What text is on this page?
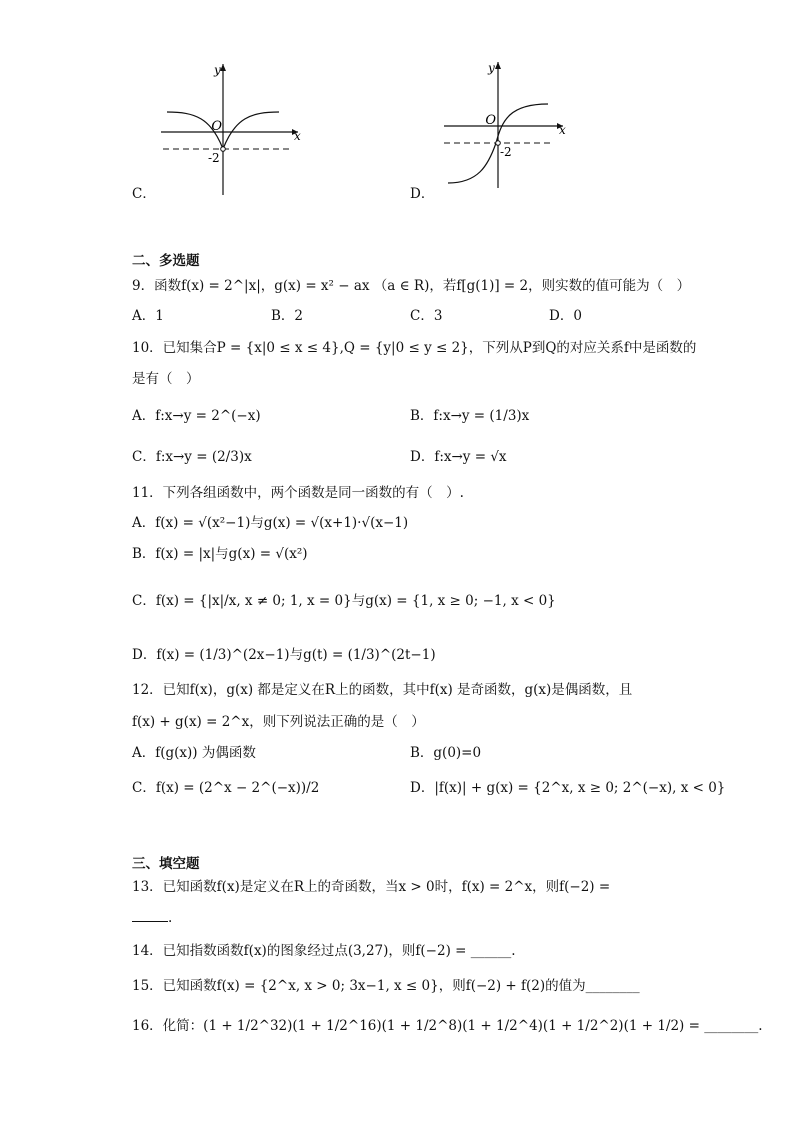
y
x
O
-2
C．
y
x
O
-2
D．
二、多选题
9．函数f(x) = 2^|x|，g(x) = x² − ax （a ∈ R)，若f[g(1)] = 2，则实数的值可能为（　）
A．1	B．2	C．3	D．0
10．已知集合P = {x|0 ≤ x ≤ 4},Q = {y|0 ≤ y ≤ 2}，下列从P到Q的对应关系f中是函数的
是有（　）
A．f:x→y = 2^(−x)	B．f:x→y = (1/3)x
C．f:x→y = (2/3)x	D．f:x→y = √x
11．下列各组函数中，两个函数是同一函数的有（　）.
A．f(x) = √(x²−1)与g(x) = √(x+1)·√(x−1)
B．f(x) = |x|与g(x) = √(x²)
C．f(x) = {|x|/x, x ≠ 0; 1, x = 0}与g(x) = {1, x ≥ 0; −1, x < 0}
D．f(x) = (1/3)^(2x−1)与g(t) = (1/3)^(2t−1)
12．已知f(x)，g(x) 都是定义在R上的函数，其中f(x) 是奇函数，g(x)是偶函数，且
f(x) + g(x) = 2^x，则下列说法正确的是（　）
A．f(g(x)) 为偶函数	B．g(0)=0
C．f(x) = (2^x − 2^(−x))/2	D．|f(x)| + g(x) = {2^x, x ≥ 0; 2^(−x), x < 0}
三、填空题
13．已知函数f(x)是定义在R上的奇函数，当x > 0时，f(x) = 2^x，则f(−2) =
.
14．已知指数函数f(x)的图象经过点(3,27)，则f(−2) = ______.
15．已知函数f(x) = {2^x, x > 0; 3x−1, x ≤ 0}，则f(−2) + f(2)的值为________
16．化简：(1 + 1/2^32)(1 + 1/2^16)(1 + 1/2^8)(1 + 1/2^4)(1 + 1/2^2)(1 + 1/2) = ________.
